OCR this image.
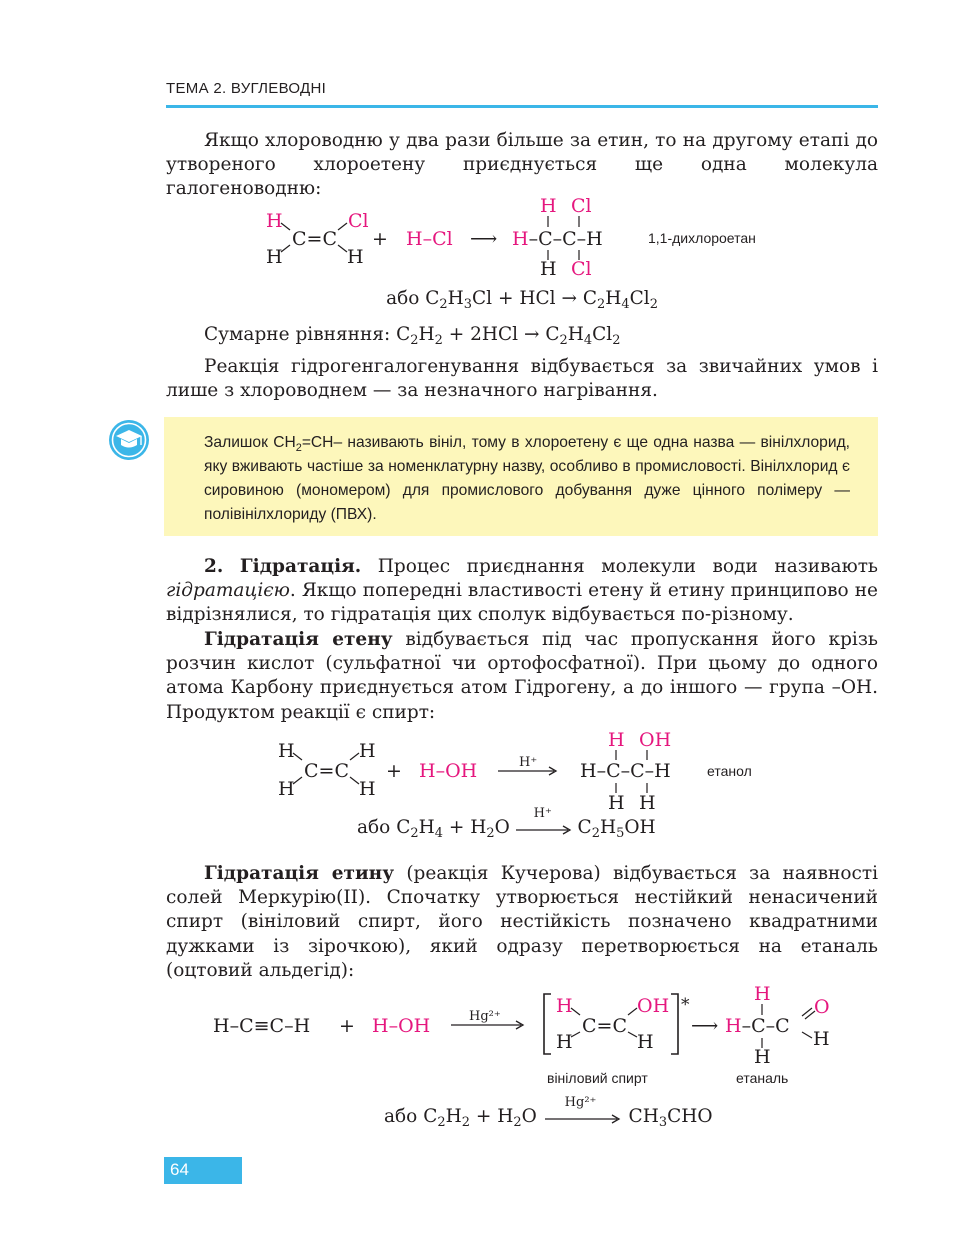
ТЕМА 2. ВУГЛЕВОДНІ

Якщо хлороводню у два рази більше за етин, то на другому етапі до утвореного хлороетену приєднується ще одна молекула галогеноводню:

H
C=C
Cl
H	H
+ H–Cl ⟶ H–C–C–H
H Cl
H Cl
1,1-дихлороетан

або $C_2H_3Cl$ + HCl → $C_2H_4Cl_2$

Сумарне рівняння: $C_2H_2 + 2HCl \to C_2H_4Cl_2$

Реакція гідрогенгалогенування відбувається за звичайних умов і лише з хлороводнем — за незначного нагрівання.

Залишок $CH_2=CH-$ називають вініл, тому в хлороетену є ще одна назва — вінілхлорид, яку вживають частіше за номенклатурну назву, особливо в промисловості. Вінілхлорид є сировиною (мономером) для промислового добування дуже цінного полімеру — полівінілхлориду (ПВХ).

2. Гідратація. Процес приєднання молекули води називають гідратацією. Якщо попередні властивості етену й етину принципово не відрізнялися, то гідратація цих сполук відбувається по-різному.

Гідратація етену відбувається під час пропускання його крізь розчин кислот (сульфатної чи ортофосфатної). При цьому до одного атома Карбону приєднується атом Гідрогену, а до іншого — група –OH. Продуктом реакції є спирт:

H
C=C
H
H	H
+ H–OH	H⁺ H–C–C–H
H OH
H H
етанол
або $C_2H_4 + H_2O$
H⁺
$C_2H_5OH$

Гідратація етину (реакція Кучерова) відбувається за наявності солей Меркурію(II). Спочатку утворюється нестійкий ненасичений спирт (вініловий спирт, його нестійкість позначено квадратними дужками із зірочкою), який одразу перетворюється на етаналь (оцтовий альдегід):

H–C≡C–H + H–OH	Hg²⁺	H
C=C
OH
H	H
*
⟶ H–C–C
H
H
O
H
вініловий спирт	етаналь
або $C_2H_2 + H_2O$
Hg²⁺
$CH_3CHO$
64
